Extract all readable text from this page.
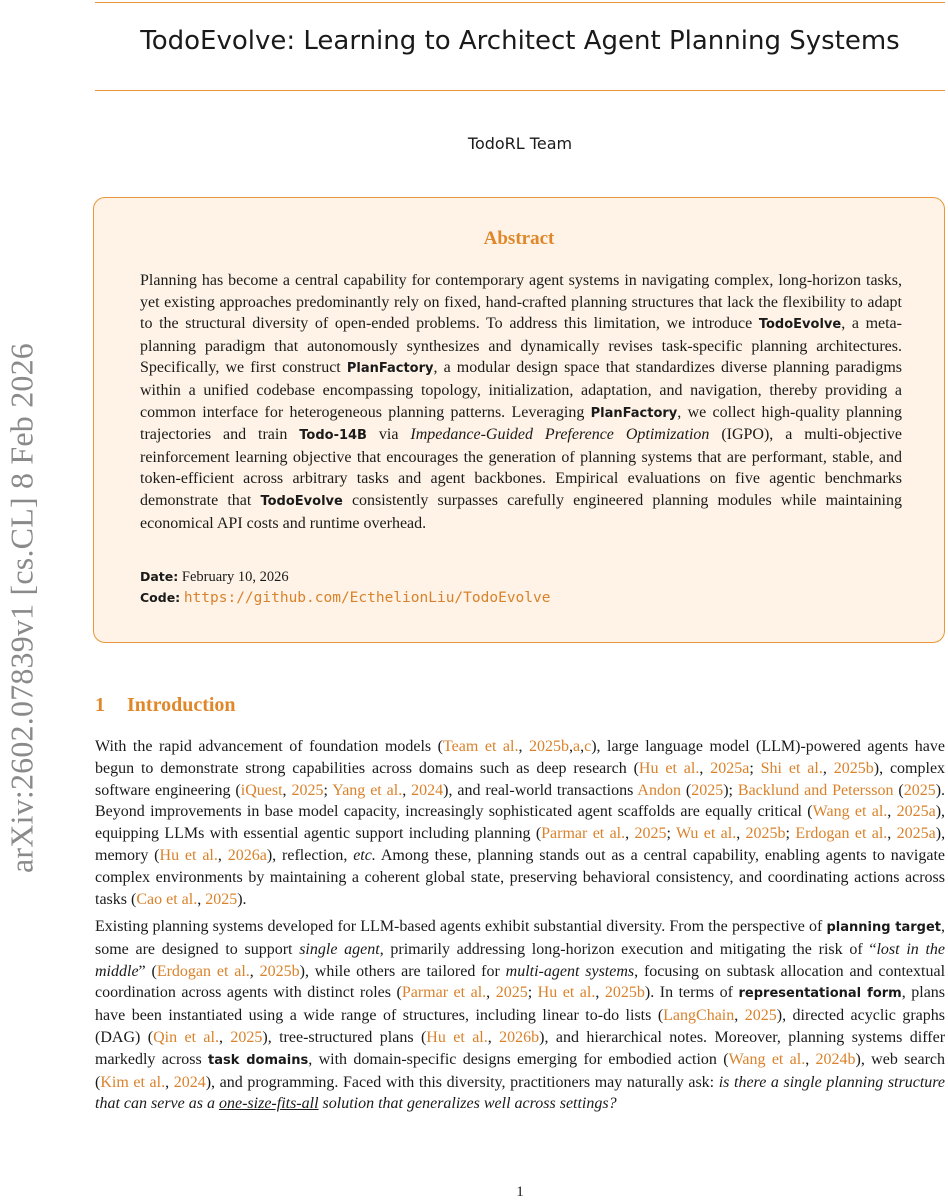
arXiv:2602.07839v1 [cs.CL] 8 Feb 2026
TodoEvolve: Learning to Architect Agent Planning Systems
TodoRL Team
Abstract

Planning has become a central capability for contemporary agent systems in navigating complex, long-horizon tasks, yet existing approaches predominantly rely on fixed, hand-crafted planning structures that lack the flexibility to adapt to the structural diversity of open-ended problems. To address this limitation, we introduce TodoEvolve, a meta-planning paradigm that autonomously synthesizes and dynamically revises task-specific planning architectures. Specifically, we first construct PlanFactory, a modular design space that standardizes diverse planning paradigms within a unified codebase encompassing topology, initialization, adaptation, and navigation, thereby providing a common interface for heterogeneous planning patterns. Leveraging PlanFactory, we collect high-quality planning trajectories and train Todo-14B via Impedance-Guided Preference Optimization (IGPO), a multi-objective reinforcement learning objective that encourages the generation of planning systems that are performant, stable, and token-efficient across arbitrary tasks and agent backbones. Empirical evaluations on five agentic benchmarks demonstrate that TodoEvolve consistently surpasses carefully engineered planning modules while maintaining economical API costs and runtime overhead.

Date: February 10, 2026
Code: https://github.com/EcthelionLiu/TodoEvolve
1 Introduction

With the rapid advancement of foundation models (Team et al., 2025b,a,c), large language model (LLM)-powered agents have begun to demonstrate strong capabilities across domains such as deep research (Hu et al., 2025a; Shi et al., 2025b), complex software engineering (iQuest, 2025; Yang et al., 2024), and real-world transactions Andon (2025); Backlund and Petersson (2025). Beyond improvements in base model capacity, increasingly sophisticated agent scaffolds are equally critical (Wang et al., 2025a), equipping LLMs with essential agentic support including planning (Parmar et al., 2025; Wu et al., 2025b; Erdogan et al., 2025a), memory (Hu et al., 2026a), reflection, etc. Among these, planning stands out as a central capability, enabling agents to navigate complex environments by maintaining a coherent global state, preserving behavioral consistency, and coordinating actions across tasks (Cao et al., 2025).

Existing planning systems developed for LLM-based agents exhibit substantial diversity. From the perspective of planning target, some are designed to support single agent, primarily addressing long-horizon execution and mitigating the risk of “lost in the middle” (Erdogan et al., 2025b), while others are tailored for multi-agent systems, focusing on subtask allocation and contextual coordination across agents with distinct roles (Parmar et al., 2025; Hu et al., 2025b). In terms of representational form, plans have been instantiated using a wide range of structures, including linear to-do lists (LangChain, 2025), directed acyclic graphs (DAG) (Qin et al., 2025), tree-structured plans (Hu et al., 2026b), and hierarchical notes. Moreover, planning systems differ markedly across task domains, with domain-specific designs emerging for embodied action (Wang et al., 2024b), web search (Kim et al., 2024), and programming. Faced with this diversity, practitioners may naturally ask: is there a single planning structure that can serve as a one-size-fits-all solution that generalizes well across settings?

1
